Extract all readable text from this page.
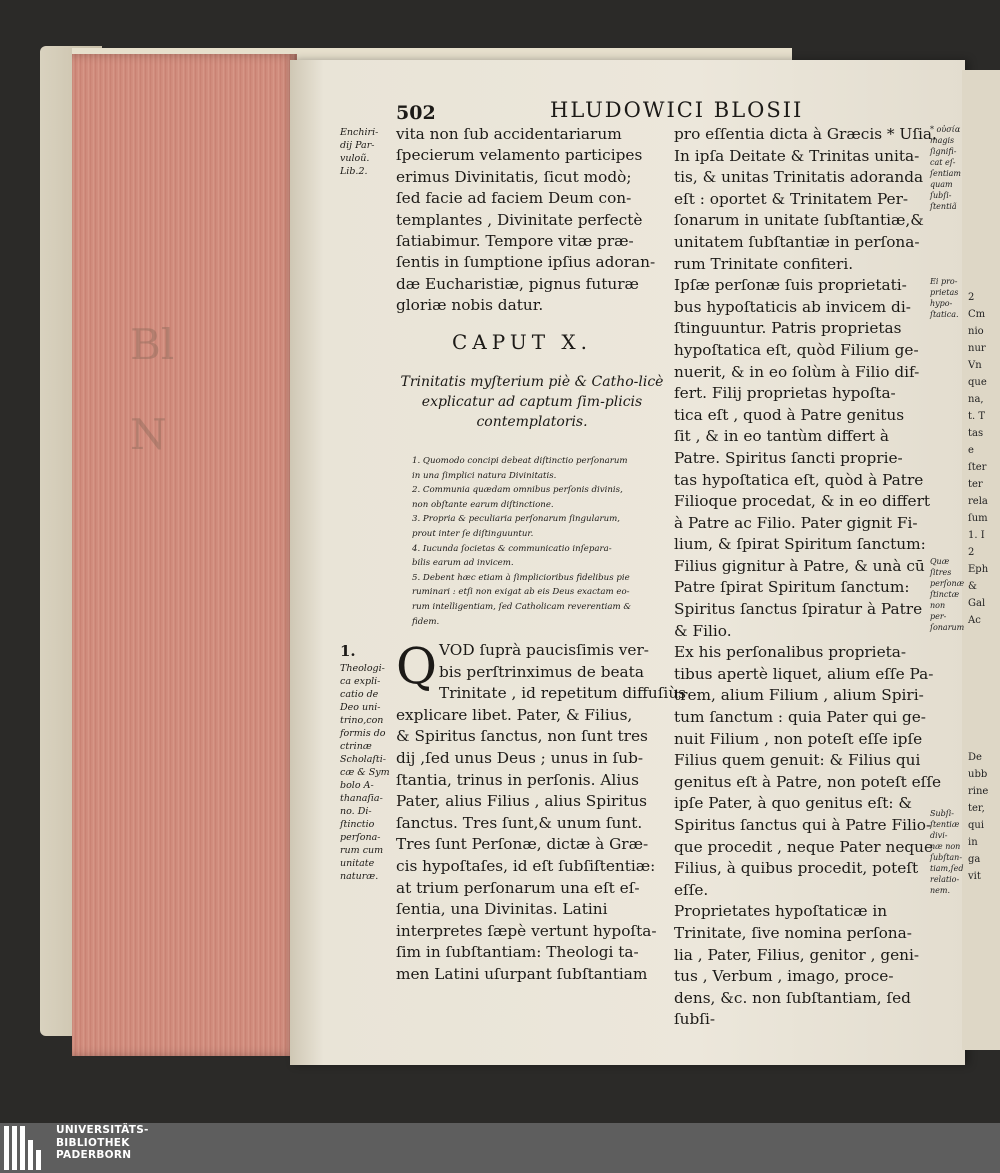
Bl
N
2
Cm
nio
nur
Vn
que
na,
t. T
tas
e
ſter
ter
rela
ſum
1. I
2
Eph
&
Gal
Ac
De
ubb
rine
ter,
qui
in
ga
vit
502	HLUDOWICI BLOSII
Enchiri-
dij Par-
vuloũ.
Lib.2.
vita non ſub accidentariarum
ſpecierum velamento participes
erimus Divinitatis, ſicut modò;
ſed facie ad faciem Deum con-
templantes , Divinitate perfectè
ſatiabimur. Tempore vitæ præ-
ſentis in ſumptione ipſius adoran-
dæ Eucharistiæ, pignus futuræ
gloriæ nobis datur.
CAPUT X.
Trinitatis myſterium piè & Catho-licè explicatur ad captum ſim-plicis contemplatoris.
1. Quomodo concipi debeat diſtinctio perſonarum
in una ſimplici natura Divinitatis.
2. Communia quædam omnibus perſonis divinis,
non obſtante earum diſtinctione.
3. Propria & peculiaria perſonarum ſingularum,
prout inter ſe diſtinguuntur.
4. Iucunda ſocietas & communicatio inſepara-
bilis earum ad invicem.
5. Debent hæc etiam à ſimplicioribus fidelibus pie
ruminari : etſi non exigat ab eis Deus exactam eo-
rum intelligentiam, ſed Catholicam reverentiam &
fidem.
1.
Theologi-
ca expli-
catio de
Deo uni-
trino,con
formis do
ctrinæ
Scholaſti-
cæ & Sym
bolo A-
thanaſia-
no. Di-
ſtinctio
perſona-
rum cum
unitate
naturæ.
Q VOD ſuprà paucisſimis ver-
bis perſtrinximus de beata
Trinitate , id repetitum diffuſiùs
explicare libet. Pater, & Filius,
& Spiritus ſanctus, non ſunt tres
dij ,ſed unus Deus ; unus in ſub-
ſtantia, trinus in perſonis. Alius
Pater, alius Filius , alius Spiritus
ſanctus. Tres ſunt,& unum ſunt.
Tres ſunt Perſonæ, dictæ à Græ-
cis hypoſtaſes, id eſt ſubſiſtentiæ:
at trium perſonarum una eſt eſ-
ſentia, una Divinitas. Latini
interpretes ſæpè vertunt hypoſta-
ſim in ſubſtantiam: Theologi ta-
men Latini uſurpant ſubſtantiam
pro eſſentia dicta à Græcis * Uſia.
In ipſa Deitate & Trinitas unita-
tis, & unitas Trinitatis adoranda
eſt : oportet & Trinitatem Per-
ſonarum in unitate ſubſtantiæ,&
unitatem ſubſtantiæ in perſona-
rum Trinitate confiteri.
Ipſæ perſonæ ſuis proprietati-
bus hypoſtaticis ab invicem di-
ſtinguuntur. Patris proprietas
hypoſtatica eſt, quòd Filium ge-
nuerit, & in eo ſolùm à Filio dif-
fert. Filij proprietas hypoſta-
tica eſt , quod à Patre genitus
ſit , & in eo tantùm differt à
Patre. Spiritus ſancti proprie-
tas hypoſtatica eſt, quòd à Patre
Filioque procedat, & in eo differt
à Patre ac Filio. Pater gignit Fi-
lium, & ſpirat Spiritum ſanctum:
Filius gignitur à Patre, & unà cū
Patre ſpirat Spiritum ſanctum:
Spiritus ſanctus ſpiratur à Patre
& Filio.
Ex his perſonalibus proprieta-
tibus apertè liquet, alium eſſe Pa-
trem, alium Filium , alium Spiri-
tum ſanctum : quia Pater qui ge-
nuit Filium , non poteſt eſſe ipſe
Filius quem genuit: & Filius qui
genitus eſt à Patre, non poteſt eſſe
ipſe Pater, à quo genitus eſt: &
Spiritus ſanctus qui à Patre Filio-
que procedit , neque Pater neque
Filius, à quibus procedit, poteſt
eſſe.
Proprietates hypoſtaticæ in
Trinitate, ſive nomina perſona-
lia , Pater, Filius, genitor , geni-
tus , Verbum , imago, proce-
dens, &c. non ſubſtantiam, ſed
ſubſi-
* οὐσία
magis
ſignifi-
cat eſ-
ſentiam
quam
ſubſi-
ſtentiã
Ei pro-
prietas
hypo-
ſtatica.
Quæ
ſitres
perſonæ
ſtinctæ
non per-
ſonarum
Subſi-
ſtentiæ
divi-
næ non
ſubſtan-
tiam,ſed
relatio-
nem.
UNIVERSITÄTS-
BIBLIOTHEK
PADERBORN
